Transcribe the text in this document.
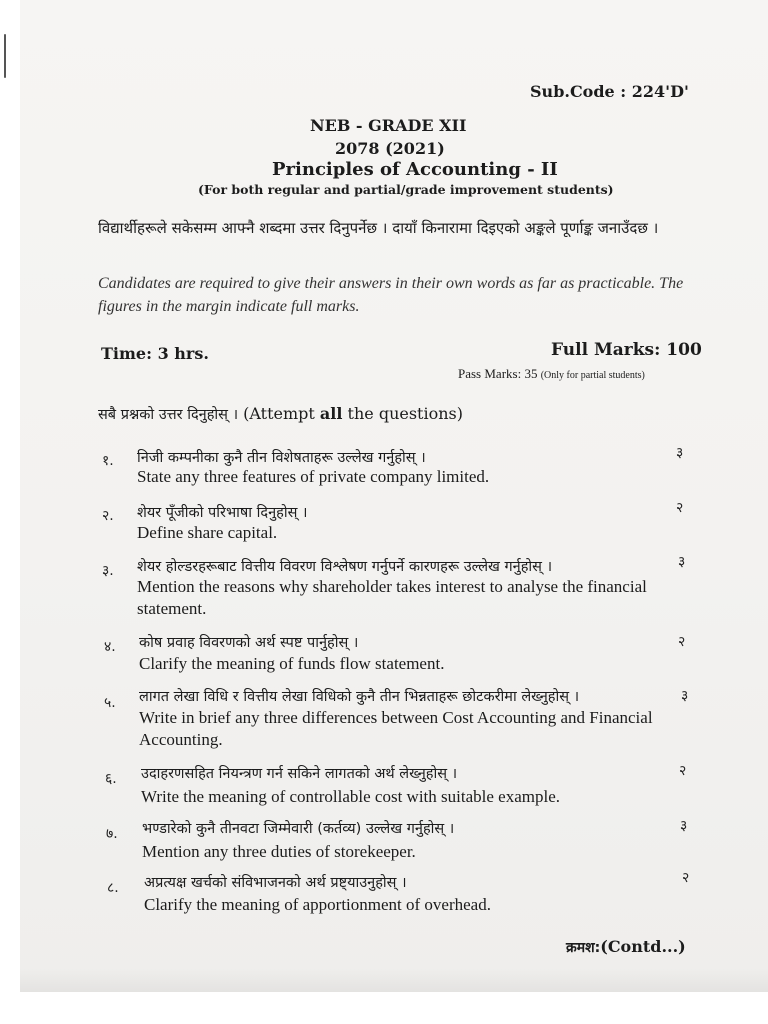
Sub.Code : 224'D'
NEB - GRADE XII
2078 (2021)
Principles of Accounting - II
(For both regular and partial/grade improvement students)
विद्यार्थीहरूले सकेसम्म आफ्नै शब्दमा उत्तर दिनुपर्नेछ । दायाँ किनारामा दिइएको अङ्कले पूर्णाङ्क जनाउँदछ ।
Candidates are required to give their answers in their own words as far as practicable. The figures in the margin indicate full marks.
Time: 3 hrs.	Full Marks: 100
Pass Marks: 35 (Only for partial students)
सबै प्रश्नको उत्तर दिनुहोस् । (Attempt all the questions)
१. निजी कम्पनीका कुनै तीन विशेषताहरू उल्लेख गर्नुहोस् ।	३
State any three features of private company limited.
२. शेयर पूँजीको परिभाषा दिनुहोस् ।	२
Define share capital.
३. शेयर होल्डरहरूबाट वित्तीय विवरण विश्लेषण गर्नुपर्ने कारणहरू उल्लेख गर्नुहोस् ।	३
Mention the reasons why shareholder takes interest to analyse the financial statement.
४. कोष प्रवाह विवरणको अर्थ स्पष्ट पार्नुहोस् ।	२
Clarify the meaning of funds flow statement.
५. लागत लेखा विधि र वित्तीय लेखा विधिको कुनै तीन भिन्नताहरू छोटकरीमा लेख्नुहोस् ।	३
Write in brief any three differences between Cost Accounting and Financial Accounting.
६. उदाहरणसहित नियन्त्रण गर्न सकिने लागतको अर्थ लेख्नुहोस् ।	२
Write the meaning of controllable cost with suitable example.
७. भण्डारेको कुनै तीनवटा जिम्मेवारी (कर्तव्य) उल्लेख गर्नुहोस् ।	३
Mention any three duties of storekeeper.
८. अप्रत्यक्ष खर्चको संविभाजनको अर्थ प्रष्ट्याउनुहोस् ।	२
Clarify the meaning of apportionment of overhead.
क्रमश:(Contd...)
